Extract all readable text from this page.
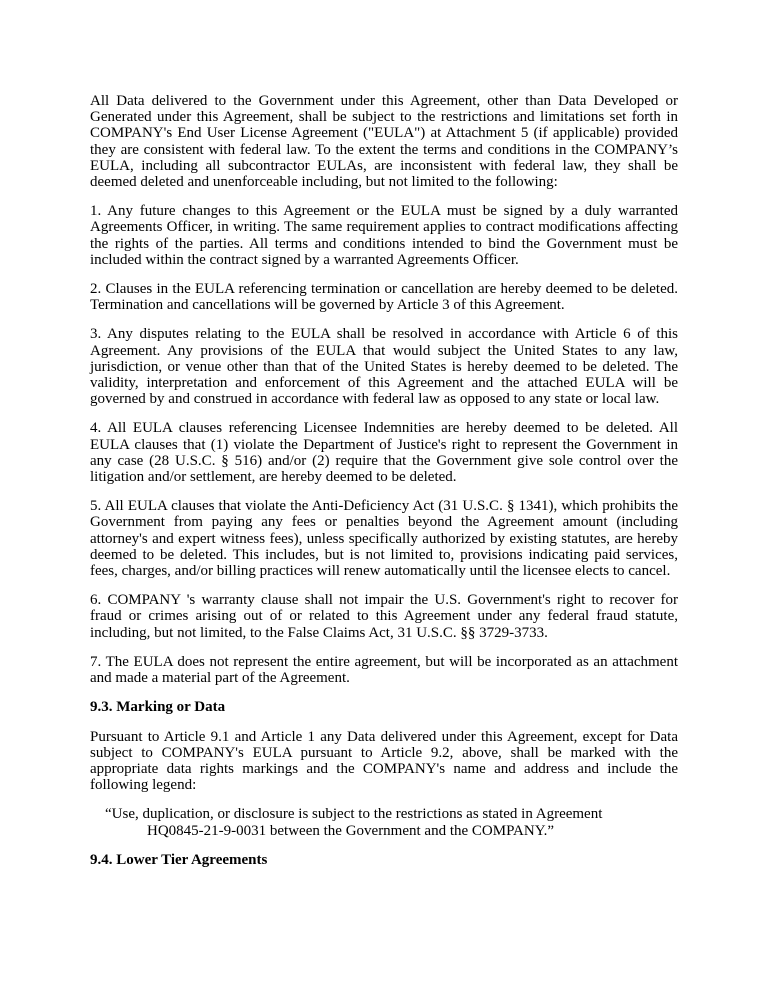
All Data delivered to the Government under this Agreement, other than Data Developed or Generated under this Agreement, shall be subject to the restrictions and limitations set forth in COMPANY's End User License Agreement ("EULA") at Attachment 5 (if applicable) provided they are consistent with federal law. To the extent the terms and conditions in the COMPANY’s EULA, including all subcontractor EULAs, are inconsistent with federal law, they shall be deemed deleted and unenforceable including, but not limited to the following:

1. Any future changes to this Agreement or the EULA must be signed by a duly warranted Agreements Officer, in writing. The same requirement applies to contract modifications affecting the rights of the parties. All terms and conditions intended to bind the Government must be included within the contract signed by a warranted Agreements Officer.

2. Clauses in the EULA referencing termination or cancellation are hereby deemed to be deleted. Termination and cancellations will be governed by Article 3 of this Agreement.

3. Any disputes relating to the EULA shall be resolved in accordance with Article 6 of this Agreement. Any provisions of the EULA that would subject the United States to any law, jurisdiction, or venue other than that of the United States is hereby deemed to be deleted. The validity, interpretation and enforcement of this Agreement and the attached EULA will be governed by and construed in accordance with federal law as opposed to any state or local law.

4. All EULA clauses referencing Licensee Indemnities are hereby deemed to be deleted. All EULA clauses that (1) violate the Department of Justice's right to represent the Government in any case (28 U.S.C. § 516) and/or (2) require that the Government give sole control over the litigation and/or settlement, are hereby deemed to be deleted.

5. All EULA clauses that violate the Anti-Deficiency Act (31 U.S.C. § 1341), which prohibits the Government from paying any fees or penalties beyond the Agreement amount (including attorney's and expert witness fees), unless specifically authorized by existing statutes, are hereby deemed to be deleted. This includes, but is not limited to, provisions indicating paid services, fees, charges, and/or billing practices will renew automatically until the licensee elects to cancel.

6. COMPANY 's warranty clause shall not impair the U.S. Government's right to recover for fraud or crimes arising out of or related to this Agreement under any federal fraud statute, including, but not limited, to the False Claims Act, 31 U.S.C. §§ 3729-3733.

7. The EULA does not represent the entire agreement, but will be incorporated as an attachment and made a material part of the Agreement.

9.3. Marking or Data

Pursuant to Article 9.1 and Article 1 any Data delivered under this Agreement, except for Data subject to COMPANY's EULA pursuant to Article 9.2, above, shall be marked with the appropriate data rights markings and the COMPANY's name and address and include the following legend:

“Use, duplication, or disclosure is subject to the restrictions as stated in Agreement
HQ0845-21-9-0031 between the Government and the COMPANY.”
9.4. Lower Tier Agreements
